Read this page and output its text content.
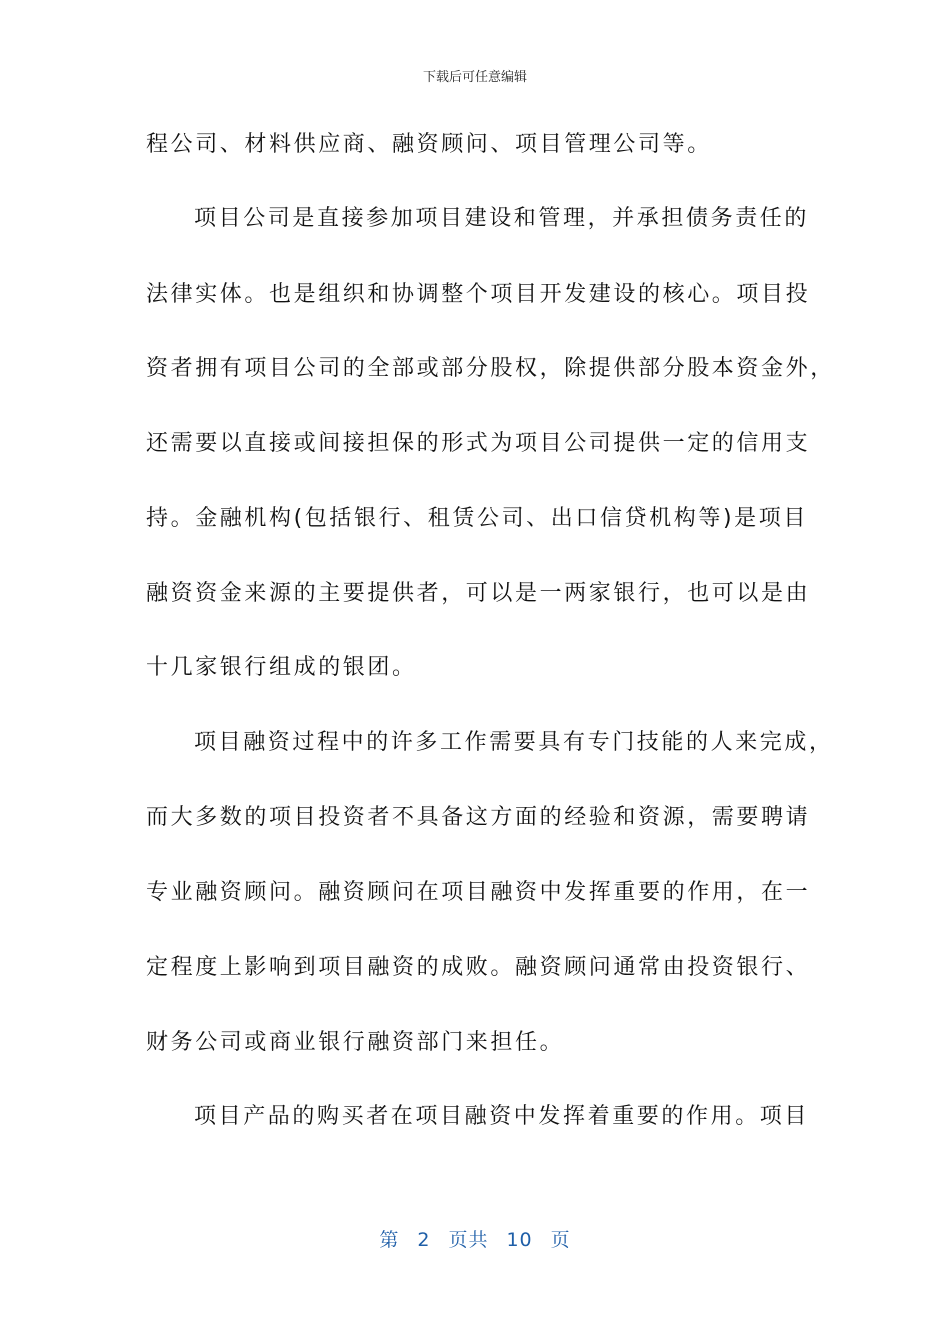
下载后可任意编辑
程公司、材料供应商、融资顾问、项目管理公司等。
项目公司是直接参加项目建设和管理，并承担债务责任的
法律实体。也是组织和协调整个项目开发建设的核心。项目投
资者拥有项目公司的全部或部分股权，除提供部分股本资金外，
还需要以直接或间接担保的形式为项目公司提供一定的信用支
持。金融机构(包括银行、租赁公司、出口信贷机构等)是项目
融资资金来源的主要提供者，可以是一两家银行，也可以是由
十几家银行组成的银团。
项目融资过程中的许多工作需要具有专门技能的人来完成，
而大多数的项目投资者不具备这方面的经验和资源，需要聘请
专业融资顾问。融资顾问在项目融资中发挥重要的作用，在一
定程度上影响到项目融资的成败。融资顾问通常由投资银行、
财务公司或商业银行融资部门来担任。
项目产品的购买者在项目融资中发挥着重要的作用。项目
第 2 页共 10 页
